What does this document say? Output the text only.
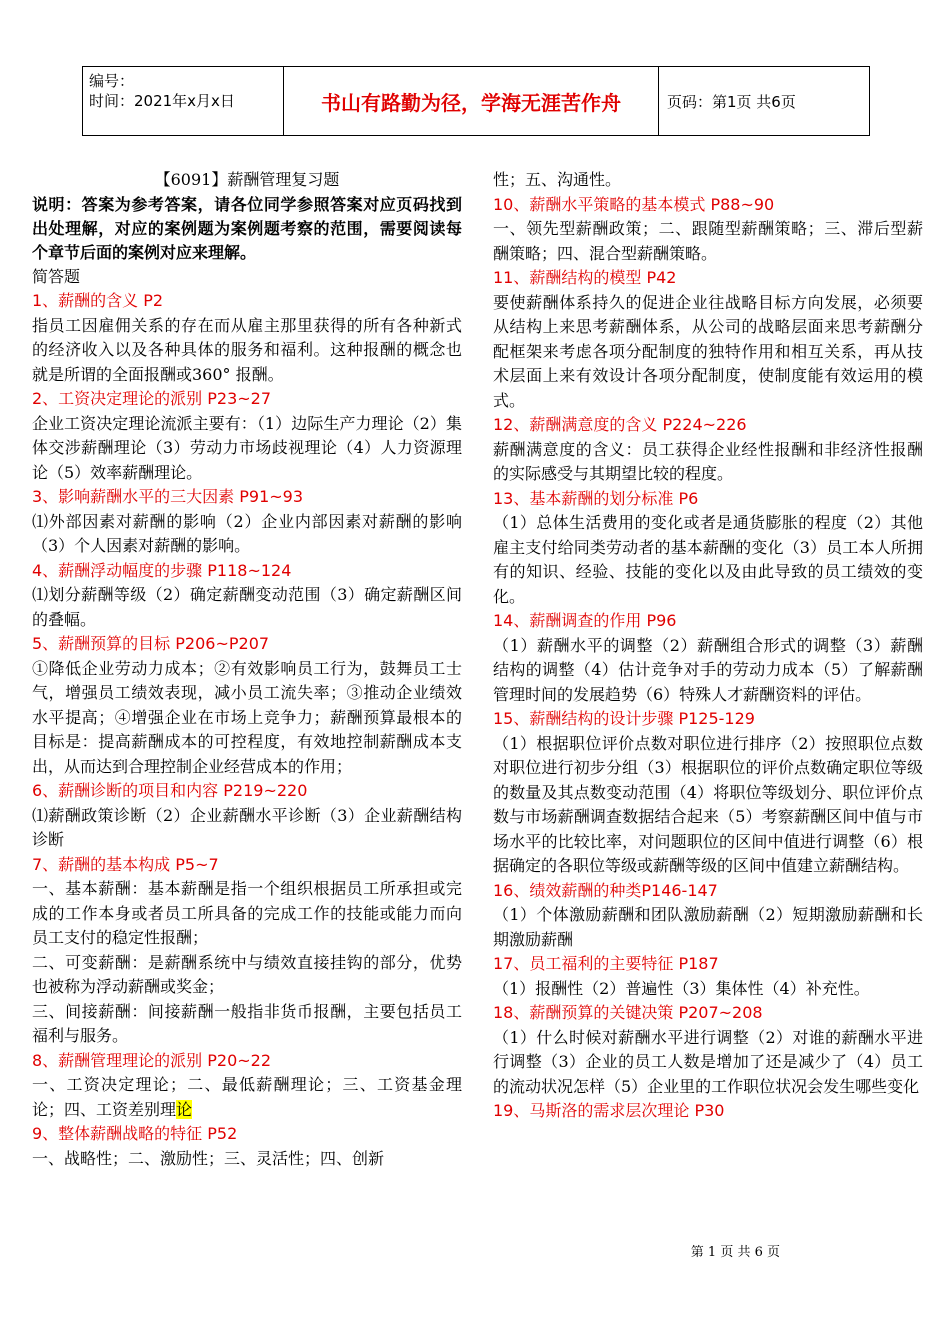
编号：
时间：2021年x月x日	书山有路勤为径，学海无涯苦作舟	页码：第1页 共6页

【6091】薪酬管理复习题

说明：答案为参考答案，请各位同学参照答案对应页码找到出处理解，对应的案例题为案例题考察的范围，需要阅读每个章节后面的案例对应来理解。

简答题

1、薪酬的含义 P2

指员工因雇佣关系的存在而从雇主那里获得的所有各种新式的经济收入以及各种具体的服务和福利。这种报酬的概念也就是所谓的全面报酬或360° 报酬。

2、工资决定理论的派别 P23~27

企业工资决定理论流派主要有：（1）边际生产力理论（2）集体交涉薪酬理论（3）劳动力市场歧视理论（4）人力资源理论（5）效率薪酬理论。

3、影响薪酬水平的三大因素 P91~93

⑴外部因素对薪酬的影响（2）企业内部因素对薪酬的影响（3）个人因素对薪酬的影响。

4、薪酬浮动幅度的步骤 P118~124

⑴划分薪酬等级（2）确定薪酬变动范围（3）确定薪酬区间的叠幅。

5、薪酬预算的目标 P206~P207

①降低企业劳动力成本；②有效影响员工行为，鼓舞员工士气，增强员工绩效表现，减小员工流失率；③推动企业绩效水平提高；④增强企业在市场上竞争力；薪酬预算最根本的目标是：提高薪酬成本的可控程度，有效地控制薪酬成本支出，从而达到合理控制企业经营成本的作用；

6、薪酬诊断的项目和内容 P219~220

⑴薪酬政策诊断（2）企业薪酬水平诊断（3）企业薪酬结构诊断

7、薪酬的基本构成 P5~7

一、基本薪酬：基本薪酬是指一个组织根据员工所承担或完成的工作本身或者员工所具备的完成工作的技能或能力而向员工支付的稳定性报酬；

二、可变薪酬：是薪酬系统中与绩效直接挂钩的部分，优势也被称为浮动薪酬或奖金；

三、间接薪酬：间接薪酬一般指非货币报酬，主要包括员工福利与服务。

8、薪酬管理理论的派别 P20~22

一、工资决定理论；二、最低薪酬理论；三、工资基金理论；四、工资差别理论

9、整体薪酬战略的特征 P52

一、战略性；二、激励性；三、灵活性；四、创新

性；五、沟通性。

10、薪酬水平策略的基本模式 P88~90

一、领先型薪酬政策；二、跟随型薪酬策略；三、滞后型薪酬策略；四、混合型薪酬策略。

11、薪酬结构的模型 P42

要使薪酬体系持久的促进企业往战略目标方向发展，必须要从结构上来思考薪酬体系，从公司的战略层面来思考薪酬分配框架来考虑各项分配制度的独特作用和相互关系，再从技术层面上来有效设计各项分配制度，使制度能有效运用的模式。

12、薪酬满意度的含义 P224~226

薪酬满意度的含义：员工获得企业经性报酬和非经济性报酬的实际感受与其期望比较的程度。

13、基本薪酬的划分标准 P6

（1）总体生活费用的变化或者是通货膨胀的程度（2）其他雇主支付给同类劳动者的基本薪酬的变化（3）员工本人所拥有的知识、经验、技能的变化以及由此导致的员工绩效的变化。

14、薪酬调查的作用 P96

（1）薪酬水平的调整（2）薪酬组合形式的调整（3）薪酬结构的调整（4）估计竞争对手的劳动力成本（5）了解薪酬管理时间的发展趋势（6）特殊人才薪酬资料的评估。

15、薪酬结构的设计步骤 P125-129

（1）根据职位评价点数对职位进行排序（2）按照职位点数对职位进行初步分组（3）根据职位的评价点数确定职位等级的数量及其点数变动范围（4）将职位等级划分、职位评价点数与市场薪酬调查数据结合起来（5）考察薪酬区间中值与市场水平的比较比率，对问题职位的区间中值进行调整（6）根据确定的各职位等级或薪酬等级的区间中值建立薪酬结构。

16、绩效薪酬的种类P146-147

（1）个体激励薪酬和团队激励薪酬（2）短期激励薪酬和长期激励薪酬

17、员工福利的主要特征 P187

（1）报酬性（2）普遍性（3）集体性（4）补充性。

18、薪酬预算的关键决策 P207~208

（1）什么时候对薪酬水平进行调整（2）对谁的薪酬水平进行调整（3）企业的员工人数是增加了还是减少了（4）员工的流动状况怎样（5）企业里的工作职位状况会发生哪些变化

19、马斯洛的需求层次理论 P30

第 1 页 共 6 页
